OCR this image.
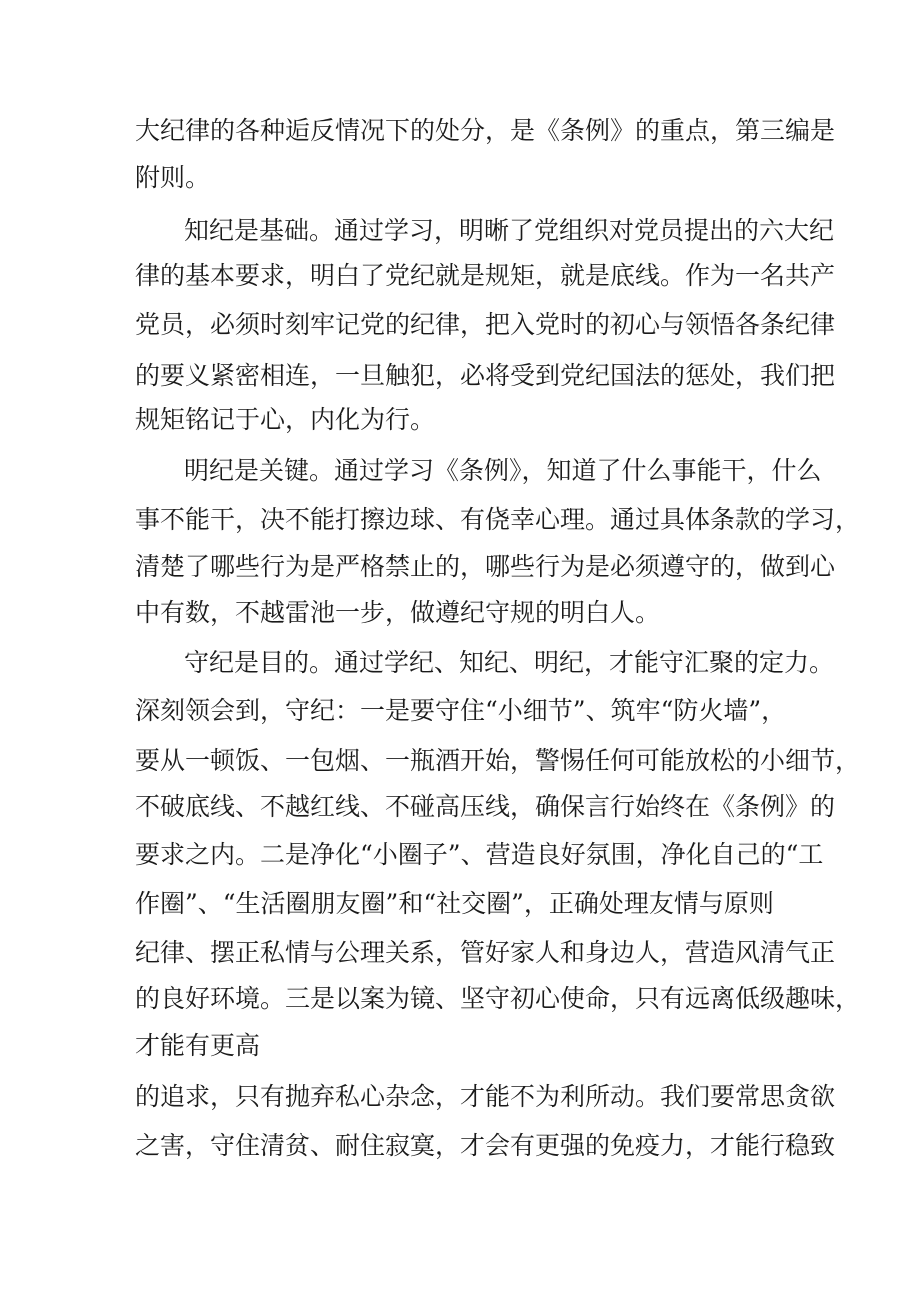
大纪律的各种逅反情况下的处分，是《条例》的重点，第三编是
附则。
知纪是基础。通过学习，明晰了党组织对党员提出的六大纪
律的基本要求，明白了党纪就是规矩，就是底线。作为一名共产
党员，必须时刻牢记党的纪律，把入党时的初心与领悟各条纪律
的要义紧密相连，一旦触犯，必将受到党纪国法的惩处，我们把
规矩铭记于心，内化为行。
明纪是关键。通过学习《条例》，知道了什么事能干，什么
事不能干，决不能打擦边球、有侥幸心理。通过具体条款的学习，
清楚了哪些行为是严格禁止的，哪些行为是必须遵守的，做到心
中有数，不越雷池一步，做遵纪守规的明白人。
守纪是目的。通过学纪、知纪、明纪，才能守汇聚的定力。
深刻领会到，守纪：一是要守住“小细节”、筑牢“防火墙”，
要从一顿饭、一包烟、一瓶酒开始，警惕任何可能放松的小细节，
不破底线、不越红线、不碰高压线，确保言行始终在《条例》的
要求之内。二是净化“小圈子”、营造良好氛围，净化自己的“工
作圈”、“生活圈朋友圈”和“社交圈”，正确处理友情与原则
纪律、摆正私情与公理关系，管好家人和身边人，营造风清气正
的良好环境。三是以案为镜、坚守初心使命，只有远离低级趣味，
才能有更高
的追求，只有抛弃私心杂念，才能不为利所动。我们要常思贪欲
之害，守住清贫、耐住寂寞，才会有更强的免疫力，才能行稳致
